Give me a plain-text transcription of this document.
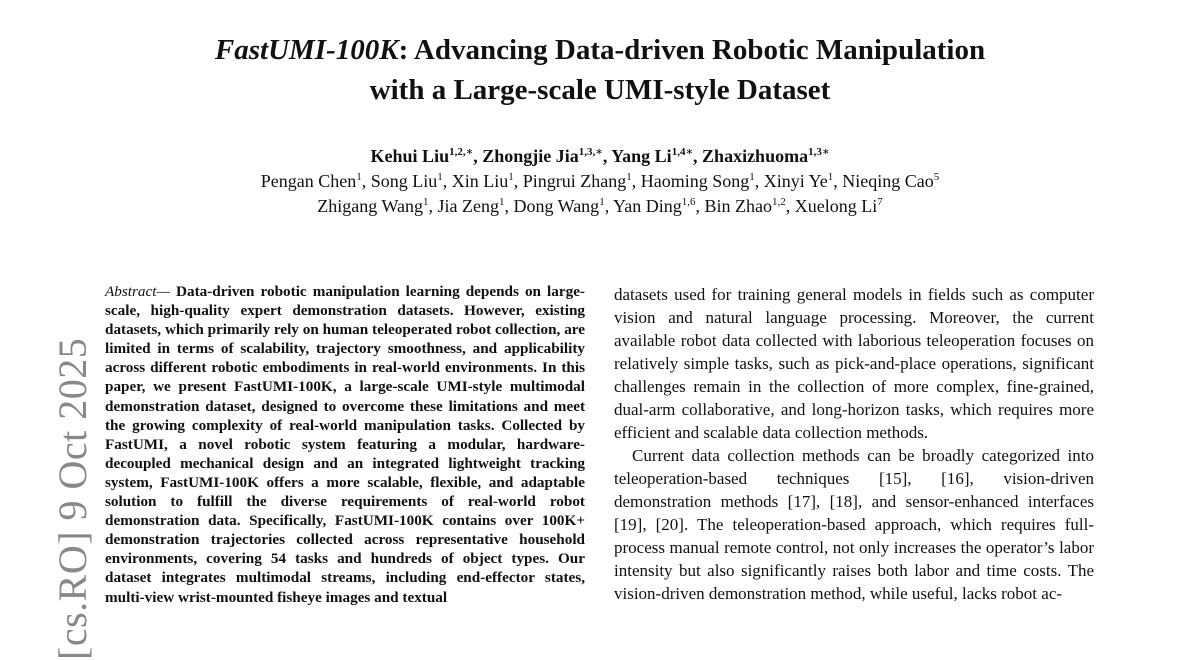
FastUMI-100K: Advancing Data-driven Robotic Manipulation
with a Large-scale UMI-style Dataset
Kehui Liu$^{1,2,∗}$, Zhongjie Jia$^{1,3,∗}$, Yang $Li^{1,4∗}$, Zhaxizhuoma$^{1,3∗}$
Pengan Chen$^1$, Song Liu$^1$, Xin Liu$^1$, Pingrui Zhang$^1$, Haoming Song$^1$, Xinyi Ye$^1$, Nieqing Cao$^5$
Zhigang Wang$^1$, Jia Zeng$^1$, Dong Wang$^1$, Yan Ding$^{1,6}$, Bin Zhao$^{1,2}$, Xuelong Li$^7$
[cs.RO] 9 Oct 2025
Abstract— Data-driven robotic manipulation learning depends on large-scale, high-quality expert demonstration datasets. However, existing datasets, which primarily rely on human teleoperated robot collection, are limited in terms of scalability, trajectory smoothness, and applicability across different robotic embodiments in real-world environments. In this paper, we present FastUMI-100K, a large-scale UMI-style multimodal demonstration dataset, designed to overcome these limitations and meet the growing complexity of real-world manipulation tasks. Collected by FastUMI, a novel robotic system featuring a modular, hardware-decoupled mechanical design and an integrated lightweight tracking system, FastUMI-100K offers a more scalable, flexible, and adaptable solution to fulfill the diverse requirements of real-world robot demonstration data. Specifically, FastUMI-100K contains over 100K+ demonstration trajectories collected across representative household environments, covering 54 tasks and hundreds of object types. Our dataset integrates multimodal streams, including end-effector states, multi-view wrist-mounted fisheye images and textual

datasets used for training general models in fields such as computer vision and natural language processing. Moreover, the current available robot data collected with laborious teleoperation focuses on relatively simple tasks, such as pick-and-place operations, significant challenges remain in the collection of more complex, fine-grained, dual-arm collaborative, and long-horizon tasks, which requires more efficient and scalable data collection methods.

Current data collection methods can be broadly categorized into teleoperation-based techniques [15], [16], vision-driven demonstration methods [17], [18], and sensor-enhanced interfaces [19], [20]. The teleoperation-based approach, which requires full-process manual remote control, not only increases the operator’s labor intensity but also significantly raises both labor and time costs. The vision-driven demonstration method, while useful, lacks robot ac-
